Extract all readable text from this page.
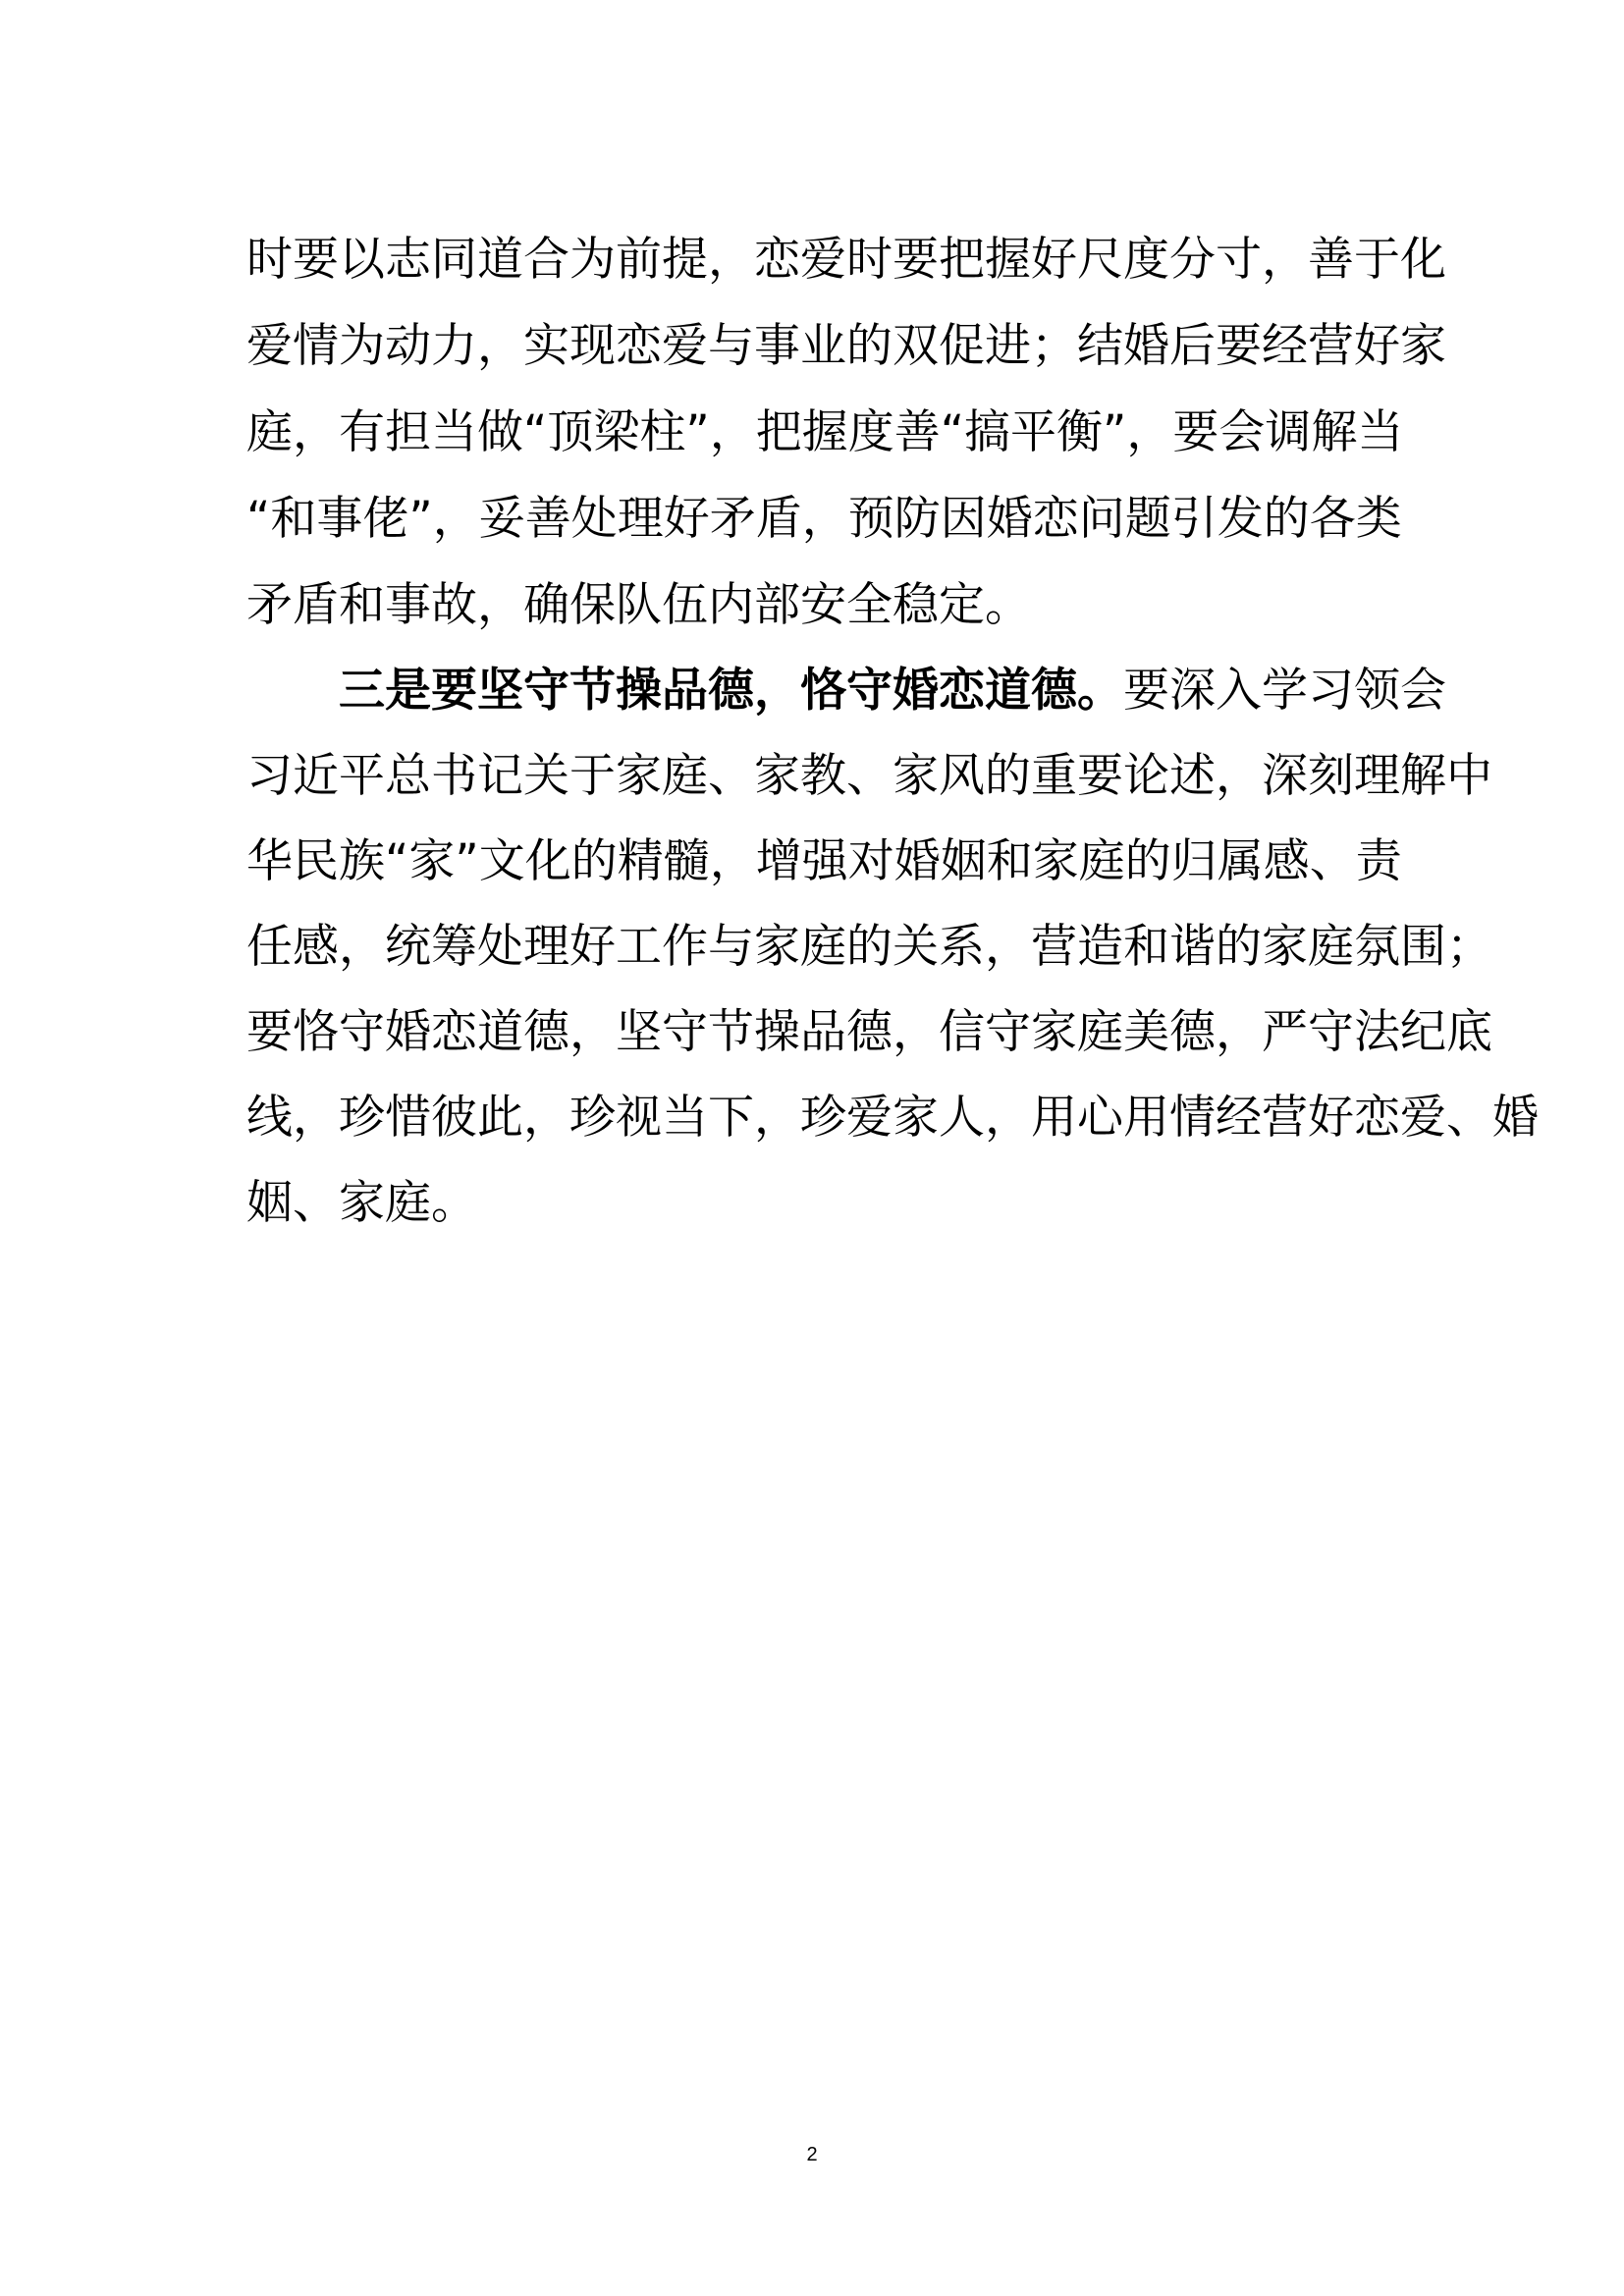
时要以志同道合为前提，恋爱时要把握好尺度分寸，善于化
爱情为动力，实现恋爱与事业的双促进；结婚后要经营好家
庭，有担当做“顶梁柱”，把握度善“搞平衡”，要会调解当
“和事佬”，妥善处理好矛盾，预防因婚恋问题引发的各类
矛盾和事故，确保队伍内部安全稳定。
三是要坚守节操品德，恪守婚恋道德。要深入学习领会
习近平总书记关于家庭、家教、家风的重要论述，深刻理解中
华民族“家”文化的精髓，增强对婚姻和家庭的归属感、责
任感，统筹处理好工作与家庭的关系，营造和谐的家庭氛围；
要恪守婚恋道德，坚守节操品德，信守家庭美德，严守法纪底
线，珍惜彼此，珍视当下，珍爱家人，用心用情经营好恋爱、婚
姻、家庭。
2
